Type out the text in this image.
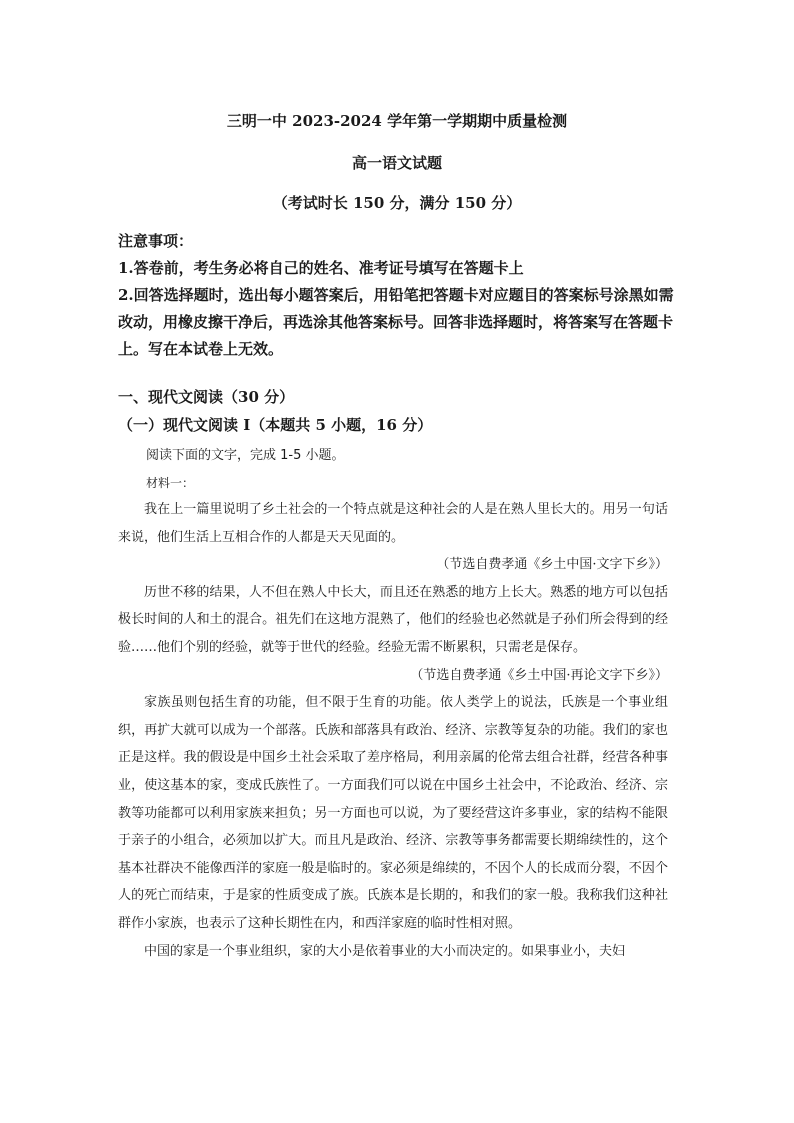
三明一中 2023-2024 学年第一学期期中质量检测
高一语文试题
（考试时长 150 分，满分 150 分）

注意事项：

1.答卷前，考生务必将自己的姓名、准考证号填写在答题卡上

2.回答选择题时，选出每小题答案后，用铅笔把答题卡对应题目的答案标号涂黑如需改动，用橡皮擦干净后，再选涂其他答案标号。回答非选择题时，将答案写在答题卡上。写在本试卷上无效。

一、现代文阅读（30 分）
（一）现代文阅读 I（本题共 5 小题，16 分）
阅读下面的文字，完成 1-5 小题。
材料一：

我在上一篇里说明了乡土社会的一个特点就是这种社会的人是在熟人里长大的。用另一句话来说，他们生活上互相合作的人都是天天见面的。

（节选自费孝通《乡土中国·文字下乡》）

历世不移的结果，人不但在熟人中长大，而且还在熟悉的地方上长大。熟悉的地方可以包括极长时间的人和土的混合。祖先们在这地方混熟了，他们的经验也必然就是子孙们所会得到的经验……他们个别的经验，就等于世代的经验。经验无需不断累积，只需老是保存。

（节选自费孝通《乡土中国·再论文字下乡》）

家族虽则包括生育的功能，但不限于生育的功能。依人类学上的说法，氏族是一个事业组织，再扩大就可以成为一个部落。氏族和部落具有政治、经济、宗教等复杂的功能。我们的家也正是这样。我的假设是中国乡土社会采取了差序格局，利用亲属的伦常去组合社群，经营各种事业，使这基本的家，变成氏族性了。一方面我们可以说在中国乡土社会中，不论政治、经济、宗教等功能都可以利用家族来担负；另一方面也可以说，为了要经营这许多事业，家的结构不能限于亲子的小组合，必须加以扩大。而且凡是政治、经济、宗教等事务都需要长期绵续性的，这个基本社群决不能像西洋的家庭一般是临时的。家必须是绵续的，不因个人的长成而分裂，不因个人的死亡而结束，于是家的性质变成了族。氏族本是长期的，和我们的家一般。我称我们这种社群作小家族，也表示了这种长期性在内，和西洋家庭的临时性相对照。

中国的家是一个事业组织，家的大小是依着事业的大小而决定的。如果事业小，夫妇
